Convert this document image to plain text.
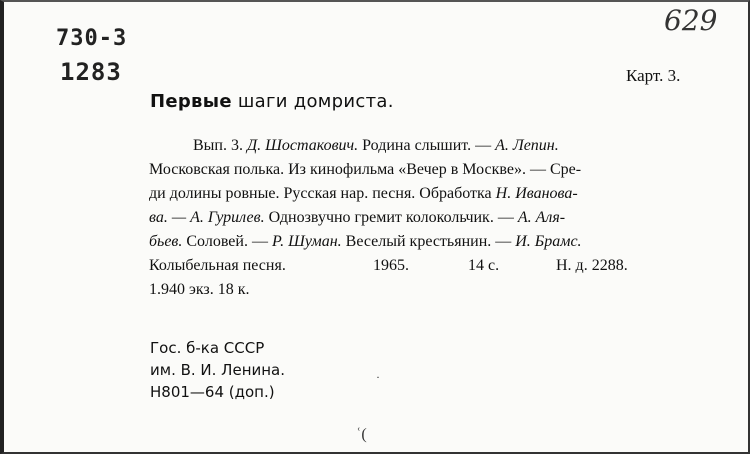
730-3
1283
629
Карт. 3.
Первые шаги домриста.
Вып. 3. Д. Шостакович. Родина слышит. — А. Лепин.
Московская полька. Из кинофильма «Вечер в Москве». — Сре-
ди долины ровные. Русская нар. песня. Обработка Н. Иванова-
ва. — А. Гурилев. Однозвучно гремит колокольчик. — А. Аля-
бьев. Соловей. — Р. Шуман. Веселый крестьянин. — И. Брамс.
Колыбельная песня.	1965.	14 с.	Н. д. 2288.
1.940 экз. 18 к.
Гос. б-ка СССР
им. В. И. Ленина.
Н801—64 (доп.)
·
ʿ(
